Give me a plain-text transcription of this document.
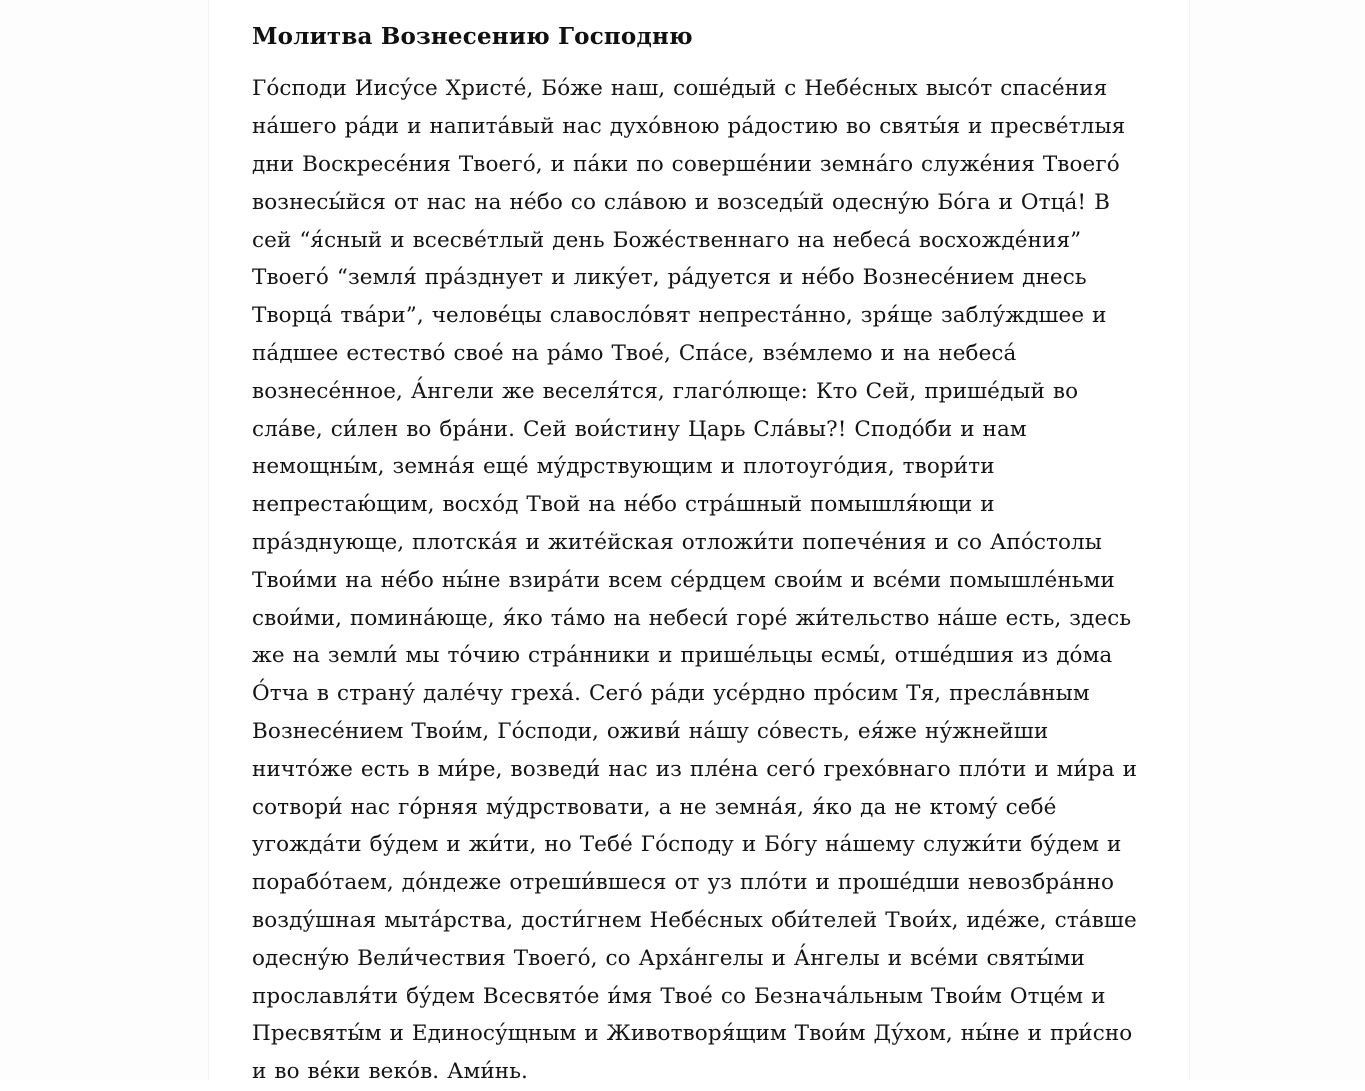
Молитва Вознесению Господню

Го́споди Иису́се Христе́, Бо́же наш, соше́дый с Небе́сных высо́т спасе́ния на́шего ра́ди и напита́вый нас духо́вною ра́достию во святы́я и пресве́тлыя дни Воскресе́ния Твоего́, и па́ки по соверше́нии земна́го служе́ния Твоего́ вознесы́йся от нас на не́бо со сла́вою и возседы́й одесну́ю Бо́га и Отца́! В сей “я́сный и всесве́тлый день Боже́ственнаго на небеса́ восхожде́ния” Твоего́ “земля́ пра́зднует и лику́ет, ра́дуется и не́бо Вознесе́нием днесь Творца́ тва́ри”, челове́цы славосло́вят непреста́нно, зря́ще заблу́ждшее и па́дшее естество́ свое́ на ра́мо Твое́, Спа́се, взе́млемо и на небеса́ вознесе́нное, А́нгели же веселя́тся, глаго́люще: Кто Сей, прише́дый во сла́ве, си́лен во бра́ни. Сей вои́стину Царь Сла́вы?! Сподо́би и нам немощны́м, земна́я еще́ му́дрствующим и плотоуго́дия, твори́ти непрестаю́щим, восхо́д Твой на не́бо стра́шный помышля́ющи и пра́зднующе, плотска́я и жите́йская отложи́ти попече́ния и со Апо́столы Твои́ми на не́бо ны́не взира́ти всем се́рдцем свои́м и все́ми помышле́ньми свои́ми, помина́юще, я́ко та́мо на небеси́ горе́ жи́тельство на́ше есть, здесь же на земли́ мы то́чию стра́нники и прише́льцы есмы́, отше́дшия из до́ма О́тча в страну́ дале́чу греха́. Сего́ ра́ди усе́рдно про́сим Тя, пресла́вным Вознесе́нием Твои́м, Го́споди, оживи́ на́шу со́весть, ея́же ну́жнейши ничто́же есть в ми́ре, возведи́ нас из пле́на сего́ грехо́внаго пло́ти и ми́ра и сотвори́ нас го́рняя му́дрствовати, а не земна́я, я́ко да не ктому́ себе́ угожда́ти бу́дем и жи́ти, но Тебе́ Го́споду и Бо́гу на́шему служи́ти бу́дем и порабо́таем, до́ндеже отреши́вшеся от уз пло́ти и проше́дши невозбра́нно возду́шная мыта́рства, дости́гнем Небе́сных оби́телей Твои́х, иде́же, ста́вше одесну́ю Вели́чествия Твоего́, со Арха́нгелы и А́нгелы и все́ми святы́ми прославля́ти бу́дем Всесвято́е и́мя Твое́ со Безнача́льным Твои́м Отце́м и Пресвяты́м и Единосу́щным и Животворя́щим Твои́м Ду́хом, ны́не и при́сно и во ве́ки веко́в. Ами́нь.
